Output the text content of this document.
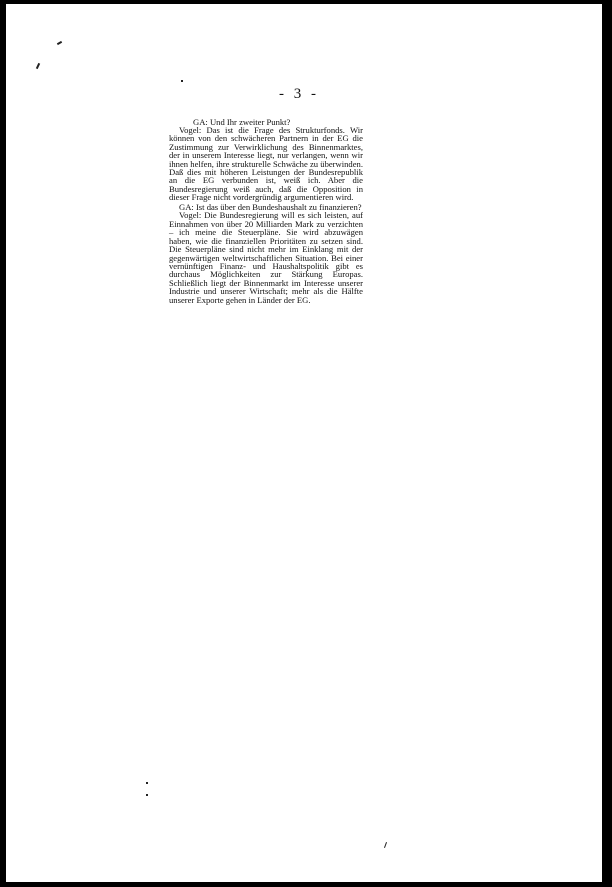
- 3 -

GA: Und Ihr zweiter Punkt?

Vogel: Das ist die Frage des Strukturfonds. Wir können von den schwächeren Partnern in der EG die Zustimmung zur Verwirklichung des Binnenmarktes, der in unserem Interesse liegt, nur verlangen, wenn wir ihnen helfen, ihre strukturelle Schwäche zu überwinden. Daß dies mit höheren Leistungen der Bundesrepublik an die EG verbunden ist, weiß ich. Aber die Bundesregierung weiß auch, daß die Opposition in dieser Frage nicht vordergründig argumentieren wird.

GA: Ist das über den Bundeshaushalt zu finanzieren?

Vogel: Die Bundesregierung will es sich leisten, auf Einnahmen von über 20 Milliarden Mark zu verzichten – ich meine die Steuerpläne. Sie wird abzuwägen haben, wie die finanziellen Prioritäten zu setzen sind. Die Steuerpläne sind nicht mehr im Einklang mit der gegenwärtigen weltwirtschaftlichen Situation. Bei einer vernünftigen Finanz- und Haushaltspolitik gibt es durchaus Möglichkeiten zur Stärkung Europas. Schließlich liegt der Binnenmarkt im Interesse unserer Industrie und unserer Wirtschaft; mehr als die Hälfte unserer Exporte gehen in Länder der EG.
